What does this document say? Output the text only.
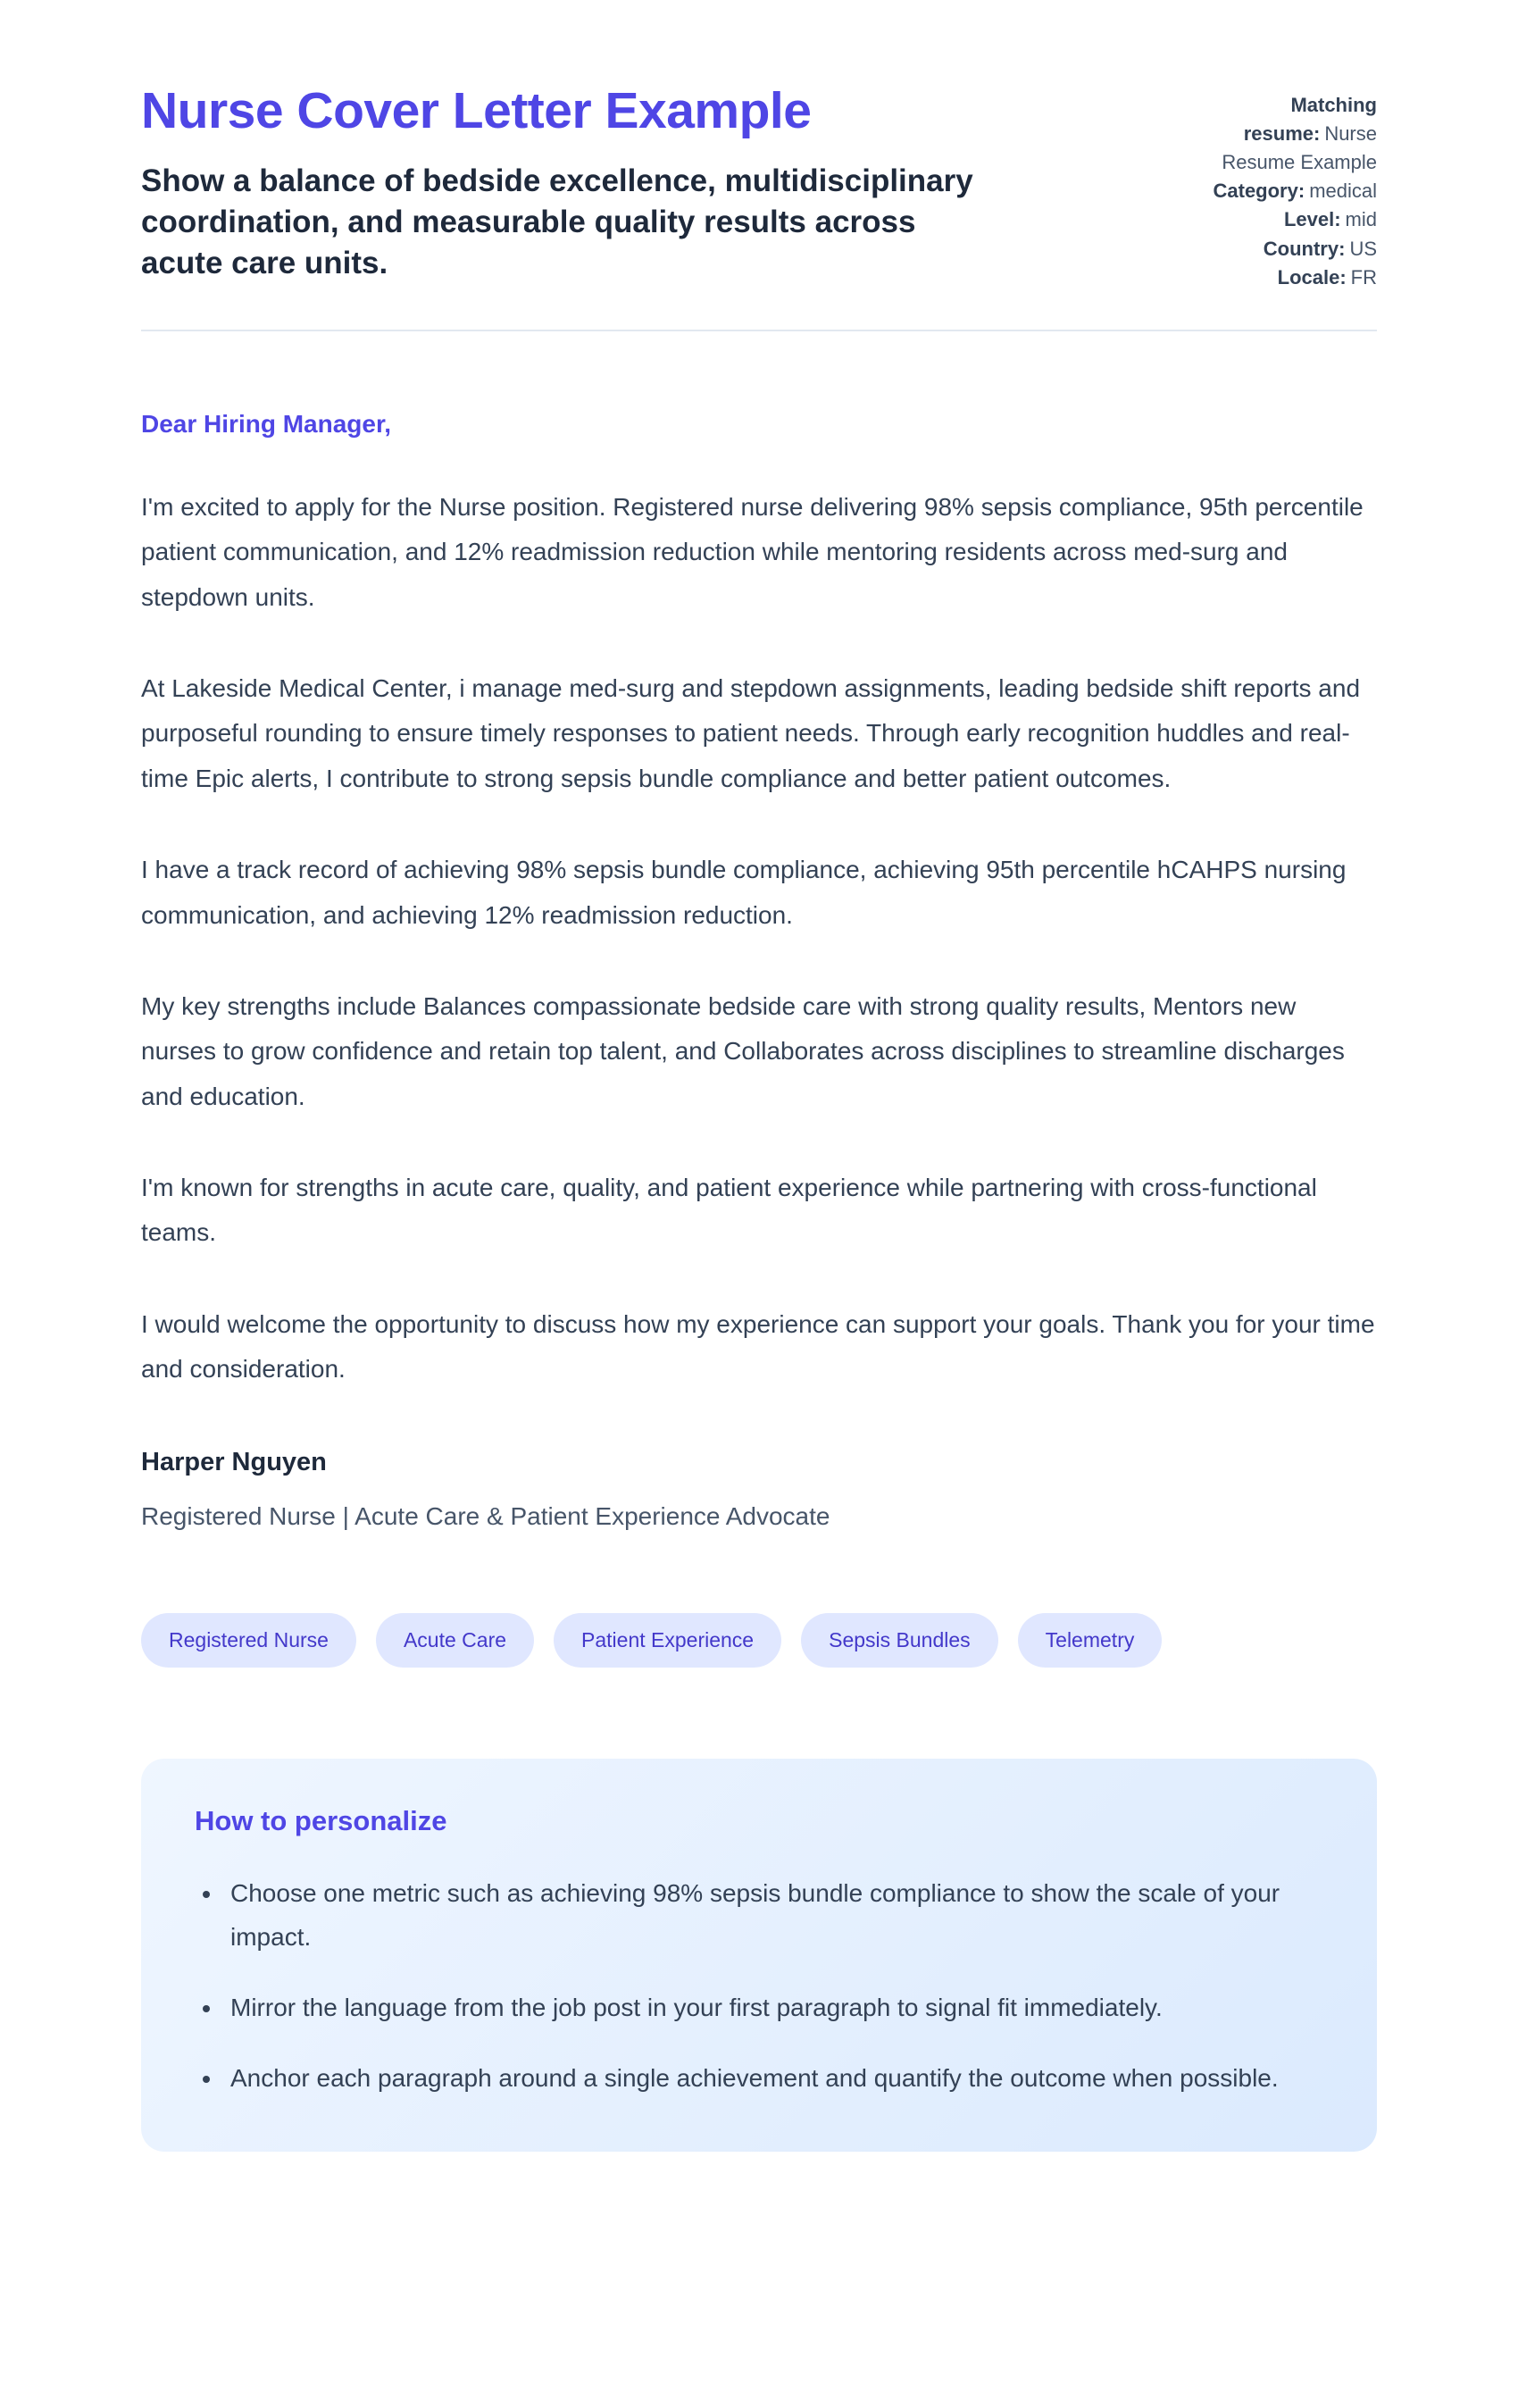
Nurse Cover Letter Example
Show a balance of bedside excellence, multidisciplinary coordination, and measurable quality results across acute care units.
Matching resume: Nurse Resume Example
Category: medical
Level: mid
Country: US
Locale: FR

Dear Hiring Manager,

I'm excited to apply for the Nurse position. Registered nurse delivering 98% sepsis compliance, 95th percentile patient communication, and 12% readmission reduction while mentoring residents across med-surg and stepdown units.

At Lakeside Medical Center, i manage med-surg and stepdown assignments, leading bedside shift reports and purposeful rounding to ensure timely responses to patient needs. Through early recognition huddles and real-time Epic alerts, I contribute to strong sepsis bundle compliance and better patient outcomes.

I have a track record of achieving 98% sepsis bundle compliance, achieving 95th percentile hCAHPS nursing communication, and achieving 12% readmission reduction.

My key strengths include Balances compassionate bedside care with strong quality results, Mentors new nurses to grow confidence and retain top talent, and Collaborates across disciplines to streamline discharges and education.

I'm known for strengths in acute care, quality, and patient experience while partnering with cross-functional teams.

I would welcome the opportunity to discuss how my experience can support your goals. Thank you for your time and consideration.

Harper Nguyen

Registered Nurse | Acute Care & Patient Experience Advocate

Registered Nurse	Acute Care	Patient Experience	Sepsis Bundles	Telemetry
How to personalize
• Choose one metric such as achieving 98% sepsis bundle compliance to show the scale of your impact.
• Mirror the language from the job post in your first paragraph to signal fit immediately.
• Anchor each paragraph around a single achievement and quantify the outcome when possible.
